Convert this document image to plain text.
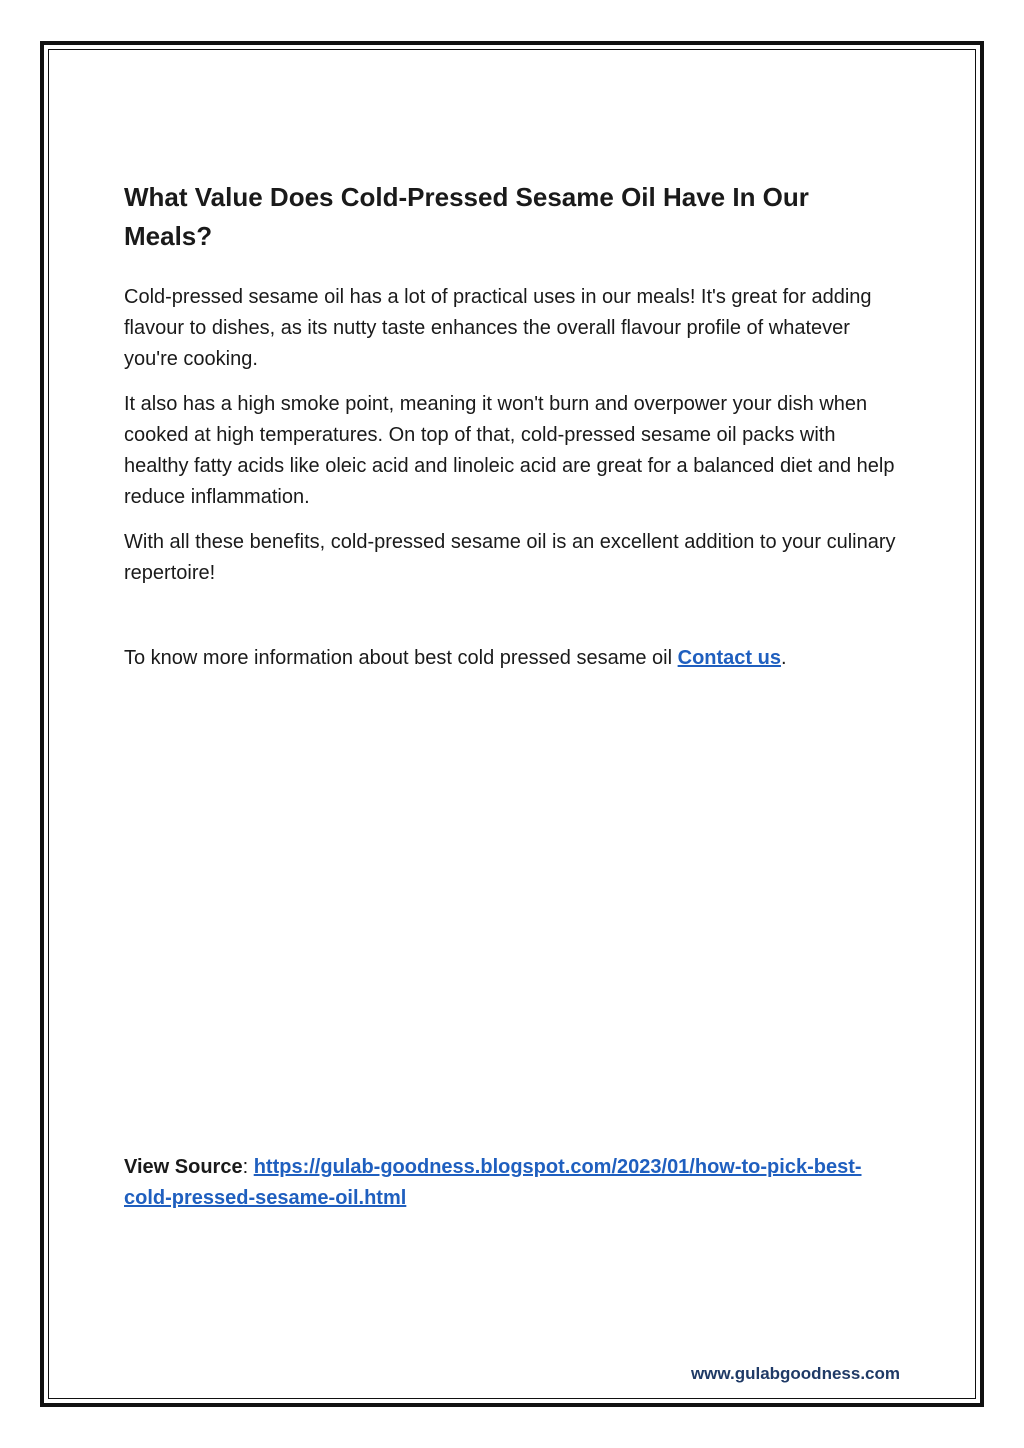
What Value Does Cold-Pressed Sesame Oil Have In Our Meals?

Cold-pressed sesame oil has a lot of practical uses in our meals! It's great for adding flavour to dishes, as its nutty taste enhances the overall flavour profile of whatever you're cooking.

It also has a high smoke point, meaning it won't burn and overpower your dish when cooked at high temperatures. On top of that, cold-pressed sesame oil packs with healthy fatty acids like oleic acid and linoleic acid are great for a balanced diet and help reduce inflammation.

With all these benefits, cold-pressed sesame oil is an excellent addition to your culinary repertoire!

To know more information about best cold pressed sesame oil Contact us.

View Source: https://gulab-goodness.blogspot.com/2023/01/how-to-pick-best-cold-pressed-sesame-oil.html
www.gulabgoodness.com
